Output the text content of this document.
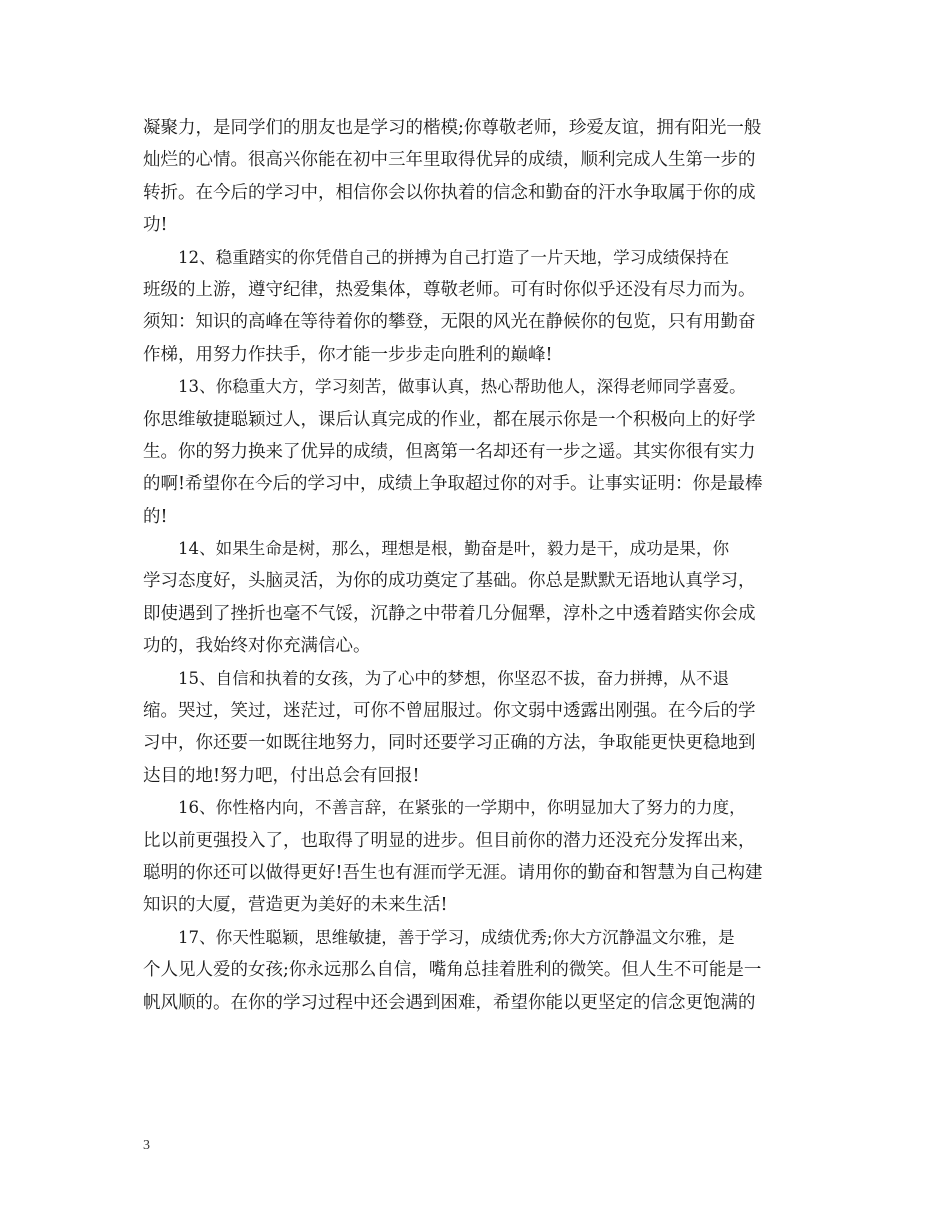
凝聚力，是同学们的朋友也是学习的楷模;你尊敬老师，珍爱友谊，拥有阳光一般
灿烂的心情。很高兴你能在初中三年里取得优异的成绩，顺利完成人生第一步的
转折。在今后的学习中，相信你会以你执着的信念和勤奋的汗水争取属于你的成
功!
12、稳重踏实的你凭借自己的拼搏为自己打造了一片天地，学习成绩保持在
班级的上游，遵守纪律，热爱集体，尊敬老师。可有时你似乎还没有尽力而为。
须知：知识的高峰在等待着你的攀登，无限的风光在静候你的包览，只有用勤奋
作梯，用努力作扶手，你才能一步步走向胜利的巅峰!
13、你稳重大方，学习刻苦，做事认真，热心帮助他人，深得老师同学喜爱。
你思维敏捷聪颖过人，课后认真完成的作业，都在展示你是一个积极向上的好学
生。你的努力换来了优异的成绩，但离第一名却还有一步之遥。其实你很有实力
的啊!希望你在今后的学习中，成绩上争取超过你的对手。让事实证明：你是最棒
的!
14、如果生命是树，那么，理想是根，勤奋是叶，毅力是干，成功是果，你
学习态度好，头脑灵活，为你的成功奠定了基础。你总是默默无语地认真学习，
即使遇到了挫折也毫不气馁，沉静之中带着几分倔犟，淳朴之中透着踏实你会成
功的，我始终对你充满信心。
15、自信和执着的女孩，为了心中的梦想，你坚忍不拔，奋力拼搏，从不退
缩。哭过，笑过，迷茫过，可你不曾屈服过。你文弱中透露出刚强。在今后的学
习中，你还要一如既往地努力，同时还要学习正确的方法，争取能更快更稳地到
达目的地!努力吧，付出总会有回报!
16、你性格内向，不善言辞，在紧张的一学期中，你明显加大了努力的力度，
比以前更强投入了，也取得了明显的进步。但目前你的潜力还没充分发挥出来，
聪明的你还可以做得更好!吾生也有涯而学无涯。请用你的勤奋和智慧为自己构建
知识的大厦，营造更为美好的未来生活!
17、你天性聪颖，思维敏捷，善于学习，成绩优秀;你大方沉静温文尔雅，是
个人见人爱的女孩;你永远那么自信，嘴角总挂着胜利的微笑。但人生不可能是一
帆风顺的。在你的学习过程中还会遇到困难，希望你能以更坚定的信念更饱满的
3
